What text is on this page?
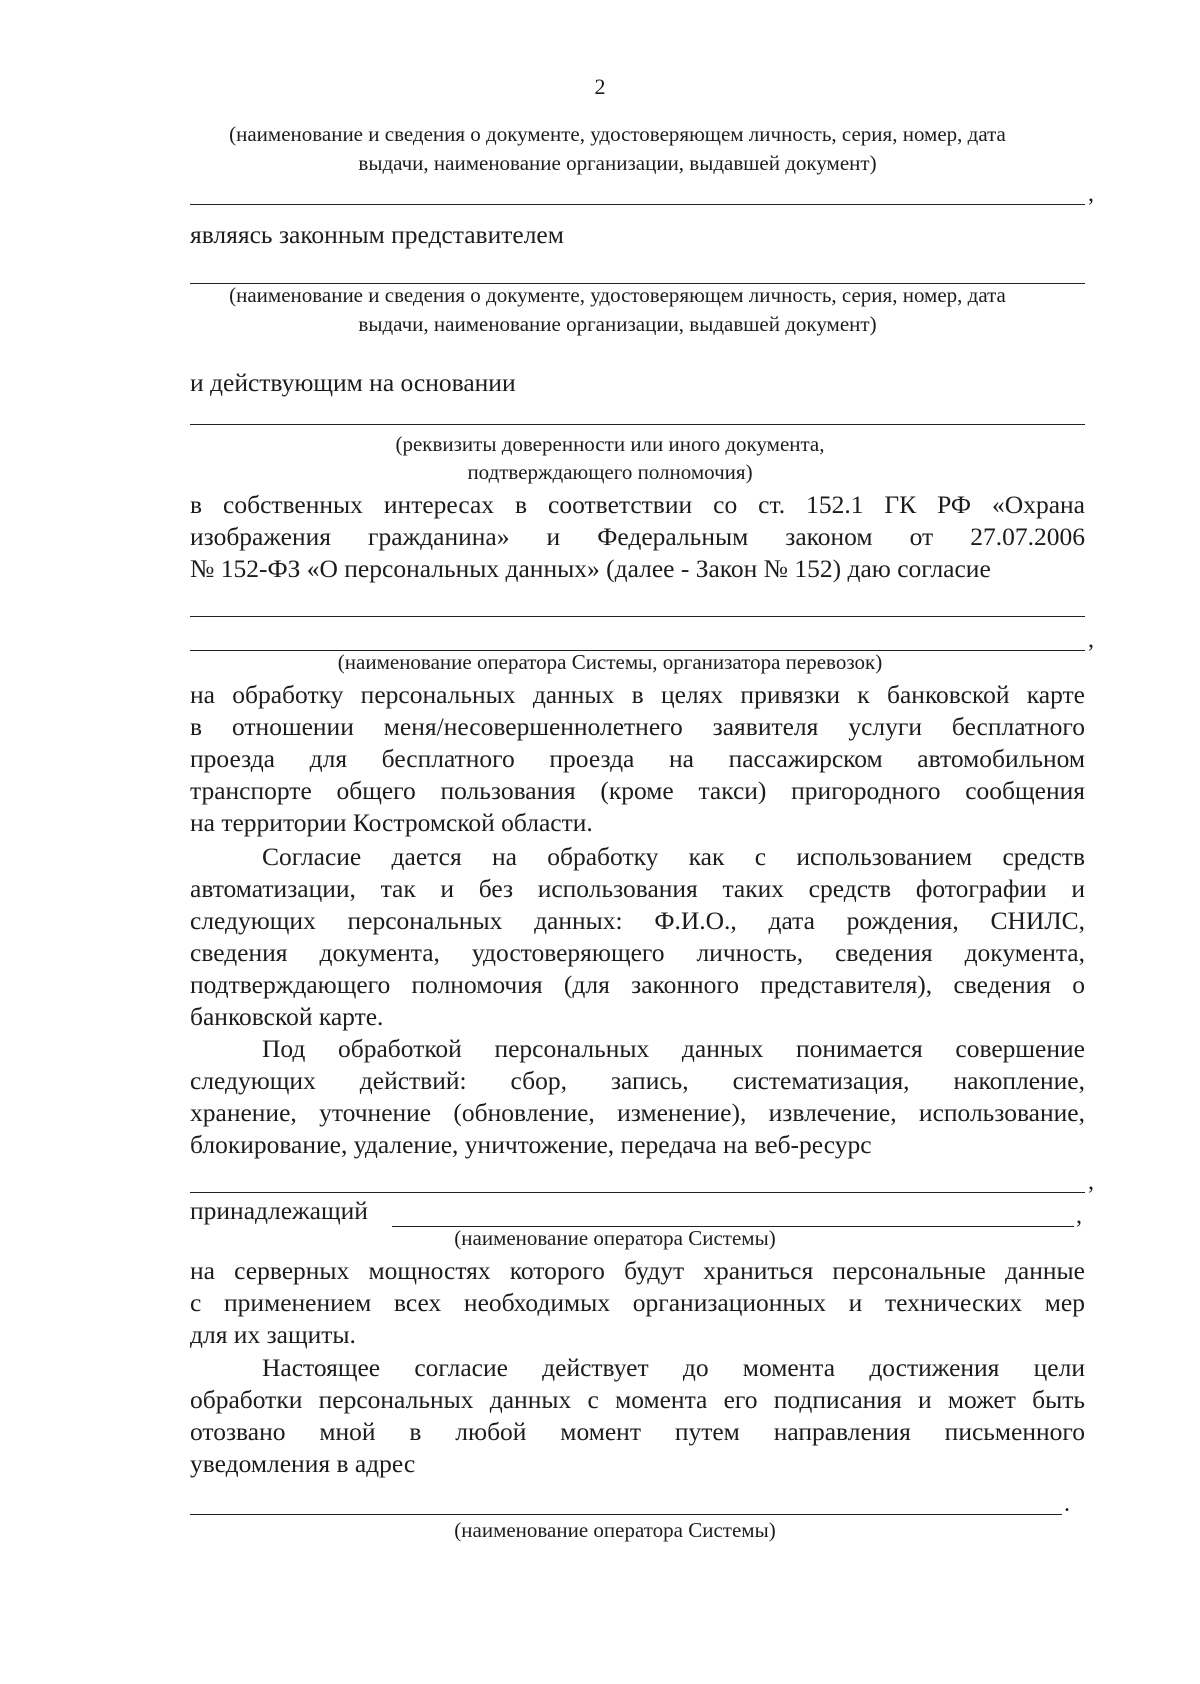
2
(наименование и сведения о документе, удостоверяющем личность, серия, номер, дата
выдачи, наименование организации, выдавшей документ)
,
являясь законным представителем
(наименование и сведения о документе, удостоверяющем личность, серия, номер, дата
выдачи, наименование организации, выдавшей документ)
и действующим на основании
(реквизиты доверенности или иного документа,
подтверждающего полномочия)
в собственных интересах в соответствии со ст. 152.1 ГК РФ «Охрана
изображения гражданина» и Федеральным законом от 27.07.2006
№ 152-ФЗ «О персональных данных» (далее - Закон № 152) даю согласие
,
(наименование оператора Системы, организатора перевозок)
на обработку персональных данных в целях привязки к банковской карте
в отношении меня/несовершеннолетнего заявителя услуги бесплатного
проезда для бесплатного проезда на пассажирском автомобильном
транспорте общего пользования (кроме такси) пригородного сообщения
на территории Костромской области.
Согласие дается на обработку как с использованием средств
автоматизации, так и без использования таких средств фотографии и
следующих персональных данных: Ф.И.О., дата рождения, СНИЛС,
сведения документа, удостоверяющего личность, сведения документа,
подтверждающего полномочия (для законного представителя), сведения о
банковской карте.
Под обработкой персональных данных понимается совершение
следующих действий: сбор, запись, систематизация, накопление,
хранение, уточнение (обновление, изменение), извлечение, использование,
блокирование, удаление, уничтожение, передача на веб-ресурс
,
принадлежащий	,
(наименование оператора Системы)
на серверных мощностях которого будут храниться персональные данные
с применением всех необходимых организационных и технических мер
для их защиты.
Настоящее согласие действует до момента достижения цели
обработки персональных данных с момента его подписания и может быть
отозвано мной в любой момент путем направления письменного
уведомления в адрес
.
(наименование оператора Системы)
